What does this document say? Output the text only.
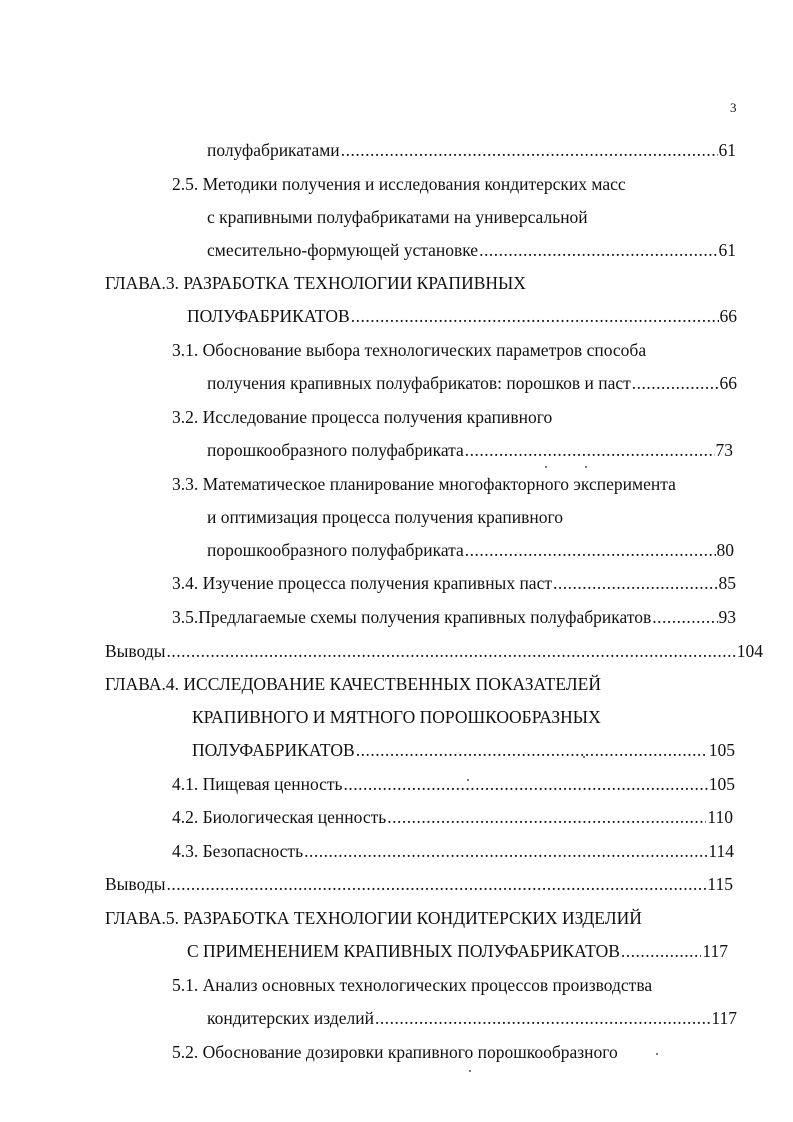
3
полуфабрикатами .....	61
2.5. Методики получения и исследования кондитерских масс
с крапивными полуфабрикатами на универсальной
смесительно-формующей установке .....	61
ГЛАВА.3. РАЗРАБОТКА ТЕХНОЛОГИИ КРАПИВНЫХ
ПОЛУФАБРИКАТОВ .....	66
3.1. Обоснование выбора технологических параметров способа
получения крапивных полуфабрикатов: порошков и паст .....	66
3.2. Исследование процесса получения крапивного
порошкообразного полуфабриката .....	73
3.3. Математическое планирование многофакторного эксперимента
и оптимизация процесса получения крапивного
порошкообразного полуфабриката .....	80
3.4. Изучение процесса получения крапивных паст .....	85
3.5.Предлагаемые схемы получения крапивных полуфабрикатов .....	93
Выводы .....	104
ГЛАВА.4. ИССЛЕДОВАНИЕ КАЧЕСТВЕННЫХ ПОКАЗАТЕЛЕЙ
КРАПИВНОГО И МЯТНОГО ПОРОШКООБРАЗНЫХ
ПОЛУФАБРИКАТОВ .....	105
4.1. Пищевая ценность .....	105
4.2. Биологическая ценность .....	110
4.3. Безопасность .....	114
Выводы .....	115
ГЛАВА.5. РАЗРАБОТКА ТЕХНОЛОГИИ КОНДИТЕРСКИХ ИЗДЕЛИЙ
С ПРИМЕНЕНИЕМ КРАПИВНЫХ ПОЛУФАБРИКАТОВ .....	117
5.1. Анализ основных технологических процессов производства
кондитерских изделий .....	117
5.2. Обоснование дозировки крапивного порошкообразного
